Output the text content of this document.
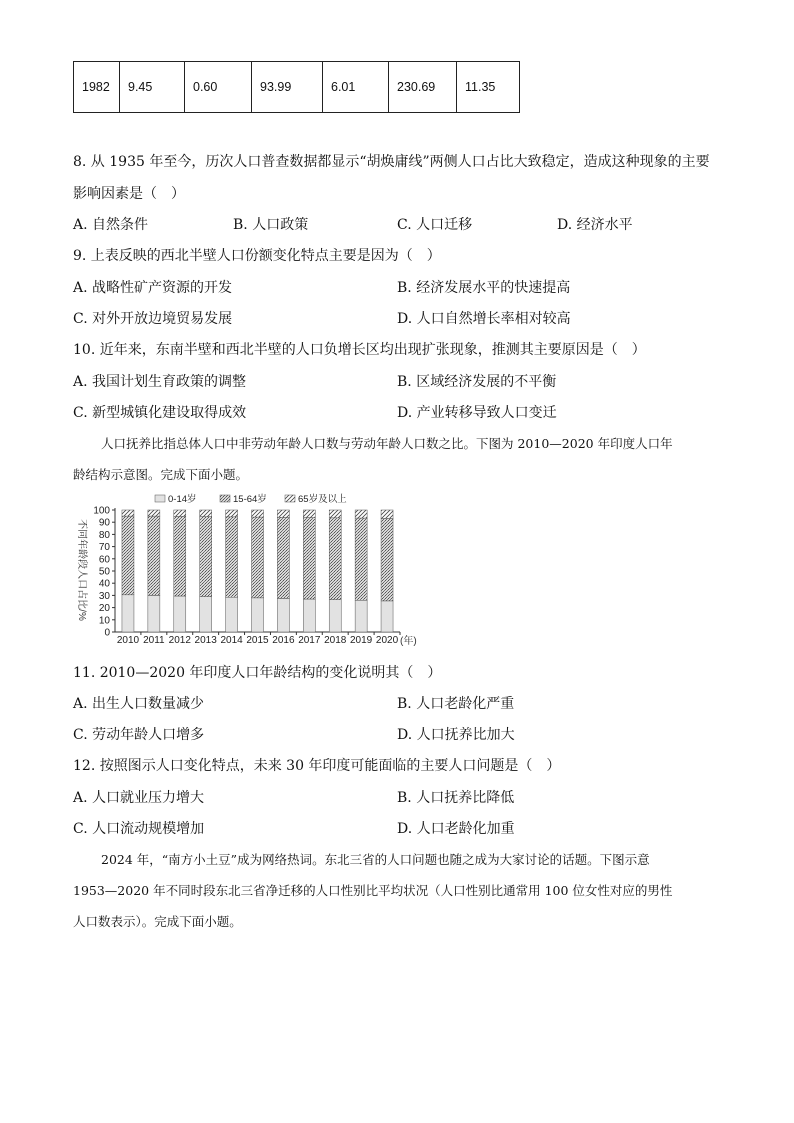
1982	9.45	0.60	93.99	6.01	230.69	11.35
8. 从 1935 年至今，历次人口普查数据都显示“胡焕庸线”两侧人口占比大致稳定，造成这种现象的主要
影响因素是（　）
A. 自然条件	B. 人口政策	C. 人口迁移	D. 经济水平
9. 上表反映的西北半壁人口份额变化特点主要是因为（　）
A. 战略性矿产资源的开发	B. 经济发展水平的快速提高
C. 对外开放边境贸易发展	D. 人口自然增长率相对较高
10. 近年来，东南半壁和西北半壁的人口负增长区均出现扩张现象，推测其主要原因是（　）
A. 我国计划生育政策的调整	B. 区域经济发展的不平衡
C. 新型城镇化建设取得成效	D. 产业转移导致人口变迁
人口抚养比指总体人口中非劳动年龄人口数与劳动年龄人口数之比。下图为 2010—2020 年印度人口年
龄结构示意图。完成下面小题。
0-14岁	15-64岁	65岁及以上
0
10
20
30
40
50
60
70
80
90
100
2010 2011 2012 2013 2014 2015 2016 2017 2018 2019 2020
不同年龄段人口占比/%
(年)
11. 2010—2020 年印度人口年龄结构的变化说明其（　）
A. 出生人口数量减少	B. 人口老龄化严重
C. 劳动年龄人口增多	D. 人口抚养比加大
12. 按照图示人口变化特点，未来 30 年印度可能面临的主要人口问题是（　）
A. 人口就业压力增大	B. 人口抚养比降低
C. 人口流动规模增加	D. 人口老龄化加重
2024 年，“南方小土豆”成为网络热词。东北三省的人口问题也随之成为大家讨论的话题。下图示意
1953—2020 年不同时段东北三省净迁移的人口性别比平均状况（人口性别比通常用 100 位女性对应的男性
人口数表示）。完成下面小题。
